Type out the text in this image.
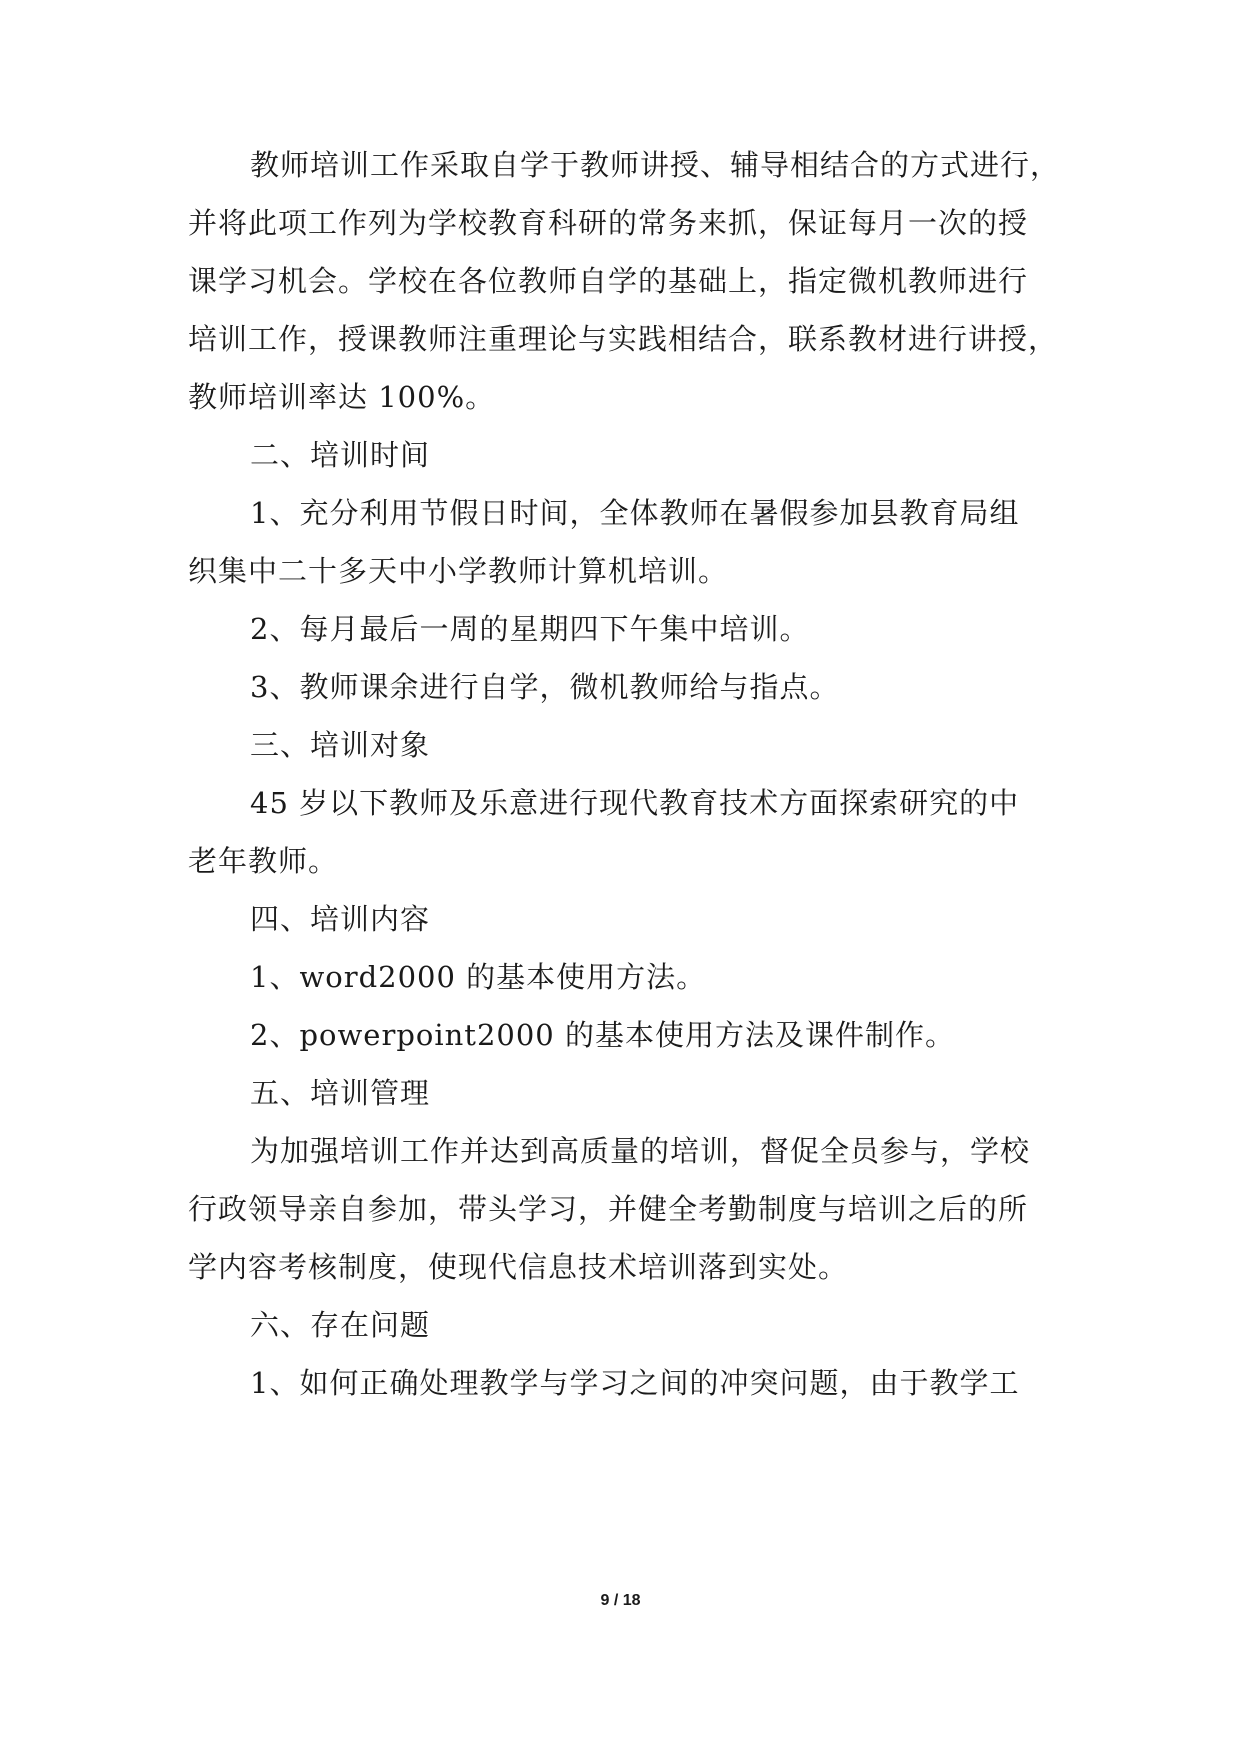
教师培训工作采取自学于教师讲授、辅导相结合的方式进行，
并将此项工作列为学校教育科研的常务来抓，保证每月一次的授
课学习机会。学校在各位教师自学的基础上，指定微机教师进行
培训工作，授课教师注重理论与实践相结合，联系教材进行讲授，
教师培训率达 100%。
二、培训时间
1、充分利用节假日时间，全体教师在暑假参加县教育局组
织集中二十多天中小学教师计算机培训。
2、每月最后一周的星期四下午集中培训。
3、教师课余进行自学，微机教师给与指点。
三、培训对象
45 岁以下教师及乐意进行现代教育技术方面探索研究的中
老年教师。
四、培训内容
1、word2000 的基本使用方法。
2、powerpoint2000 的基本使用方法及课件制作。
五、培训管理
为加强培训工作并达到高质量的培训，督促全员参与，学校
行政领导亲自参加，带头学习，并健全考勤制度与培训之后的所
学内容考核制度，使现代信息技术培训落到实处。
六、存在问题
1、如何正确处理教学与学习之间的冲突问题，由于教学工
9 / 18
